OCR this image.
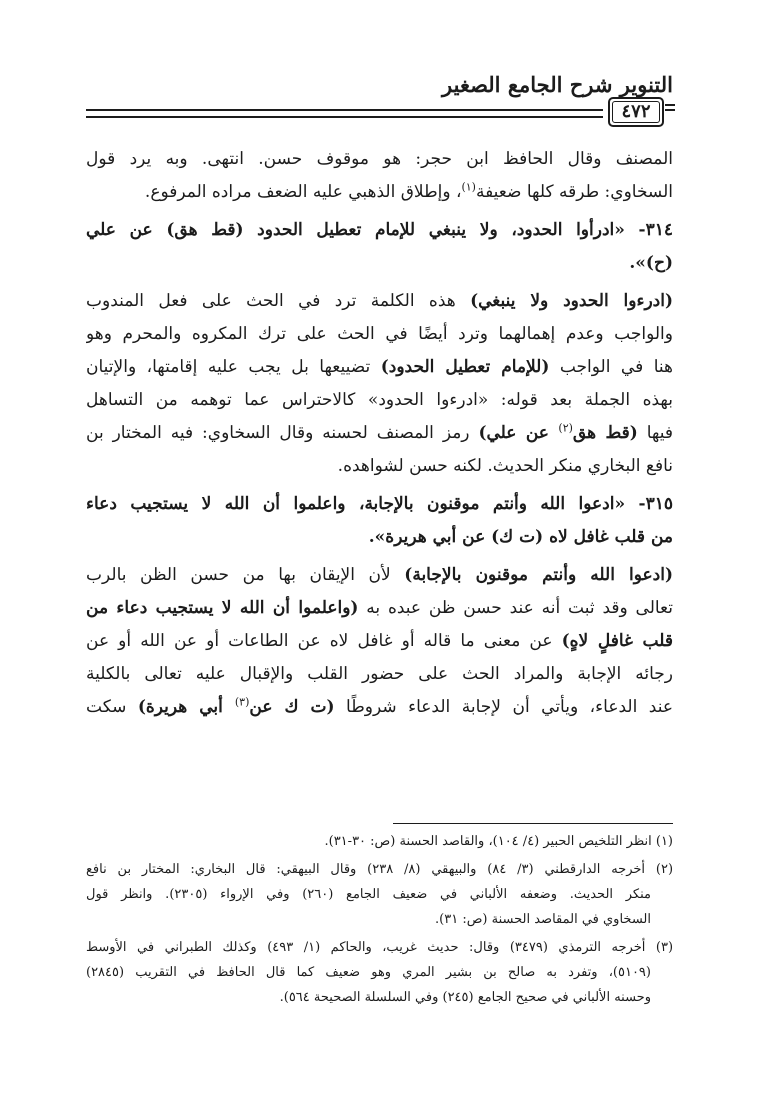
التنوير شرح الجامع الصغير
٤٧٢
المصنف وقال الحافظ ابن حجر: هو موقوف حسن. انتهى. وبه يرد قول
السخاوي: طرقه كلها ضعيفة$^{(١)}$، وإطلاق الذهبي عليه الضعف مراده المرفوع.
٣١٤- «ادرأوا الحدود، ولا ينبغي للإمام تعطيل الحدود (قط هق) عن علي
(ح)».
(ادرءوا الحدود ولا ينبغي) هذه الكلمة ترد في الحث على فعل المندوب
والواجب وعدم إهمالهما وترد أيضًا في الحث على ترك المكروه والمحرم وهو
هنا في الواجب (للإمام تعطيل الحدود) تضييعها بل يجب عليه إقامتها، والإتيان
بهذه الجملة بعد قوله: «ادرءوا الحدود» كالاحتراس عما توهمه من التساهل
فيها (قط هق$^{(٢)}$ عن علي) رمز المصنف لحسنه وقال السخاوي: فيه المختار بن
نافع البخاري منكر الحديث. لكنه حسن لشواهده.
٣١٥- «ادعوا الله وأنتم موقنون بالإجابة، واعلموا أن الله لا يستجيب دعاء
من قلب غافل لاه (ت ك) عن أبي هريرة».
(ادعوا الله وأنتم موقنون بالإجابة) لأن الإيقان بها من حسن الظن بالرب
تعالى وقد ثبت أنه عند حسن ظن عبده به (واعلموا أن الله لا يستجيب دعاء من
قلب غافلٍ لاهٍ) عن معنى ما قاله أو غافل لاه عن الطاعات أو عن الله أو عن
رجائه الإجابة والمراد الحث على حضور القلب والإقبال عليه تعالى بالكلية
عند الدعاء، ويأتي أن لإجابة الدعاء شروطًا (ت ك عن$^{(٣)}$ أبي هريرة) سكت
(١) انظر التلخيص الحبير (٤/ ١٠٤)، والقاصد الحسنة (ص: ٣٠-٣١).
(٢) أخرجه الدارقطني (٣/ ٨٤) والبيهقي (٨/ ٢٣٨) وقال البيهقي: قال البخاري: المختار بن نافع
منكر الحديث. وضعفه الألباني في ضعيف الجامع (٢٦٠) وفي الإرواء (٢٣٠٥). وانظر قول
السخاوي في المقاصد الحسنة (ص: ٣١).
(٣) أخرجه الترمذي (٣٤٧٩) وقال: حديث غريب، والحاكم (١/ ٤٩٣) وكذلك الطبراني في الأوسط
(٥١٠٩)، وتفرد به صالح بن بشير المري وهو ضعيف كما قال الحافظ في التقريب (٢٨٤٥)
وحسنه الألباني في صحيح الجامع (٢٤٥) وفي السلسلة الصحيحة ٥٦٤).
